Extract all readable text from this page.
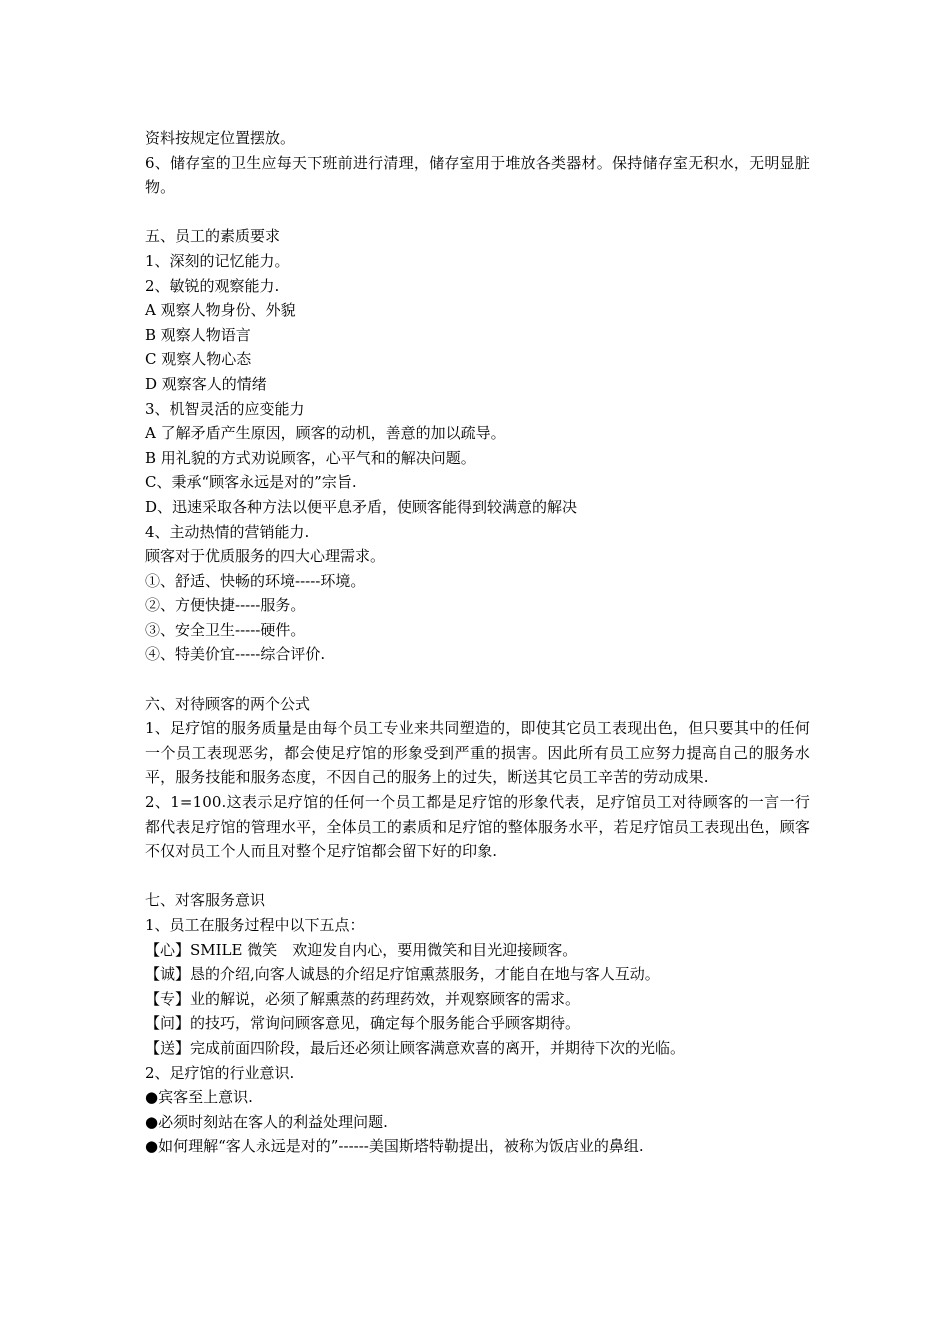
资料按规定位置摆放。
6、储存室的卫生应每天下班前进行清理，储存室用于堆放各类器材。保持储存室无积水，无明显脏物。
五、员工的素质要求
1、深刻的记忆能力。
2、敏锐的观察能力.
A 观察人物身份、外貌
B 观察人物语言
C 观察人物心态
D 观察客人的情绪
3、机智灵活的应变能力
A 了解矛盾产生原因，顾客的动机，善意的加以疏导。
B 用礼貌的方式劝说顾客，心平气和的解决问题。
C、秉承“顾客永远是对的”宗旨.
D、迅速采取各种方法以便平息矛盾，使顾客能得到较满意的解决
4、主动热情的营销能力.
顾客对于优质服务的四大心理需求。
①、舒适、快畅的环境-----环境。
②、方便快捷-----服务。
③、安全卫生-----硬件。
④、特美价宜-----综合评价.
六、对待顾客的两个公式
1、足疗馆的服务质量是由每个员工专业来共同塑造的，即使其它员工表现出色，但只要其中的任何一个员工表现恶劣，都会使足疗馆的形象受到严重的损害。因此所有员工应努力提高自己的服务水平，服务技能和服务态度，不因自己的服务上的过失，断送其它员工辛苦的劳动成果.
2、1=100.这表示足疗馆的任何一个员工都是足疗馆的形象代表，足疗馆员工对待顾客的一言一行都代表足疗馆的管理水平，全体员工的素质和足疗馆的整体服务水平，若足疗馆员工表现出色，顾客不仅对员工个人而且对整个足疗馆都会留下好的印象.
七、对客服务意识
1、员工在服务过程中以下五点：
【心】SMILE 微笑　欢迎发自内心，要用微笑和目光迎接顾客。
【诚】恳的介绍,向客人诚恳的介绍足疗馆熏蒸服务，才能自在地与客人互动。
【专】业的解说，必须了解熏蒸的药理药效，并观察顾客的需求。
【问】的技巧，常询问顾客意见，确定每个服务能合乎顾客期待。
【送】完成前面四阶段，最后还必须让顾客满意欢喜的离开，并期待下次的光临。
2、足疗馆的行业意识.
●宾客至上意识.
●必须时刻站在客人的利益处理问题.
●如何理解“客人永远是对的”------美国斯塔特勒提出，被称为饭店业的鼻组.
